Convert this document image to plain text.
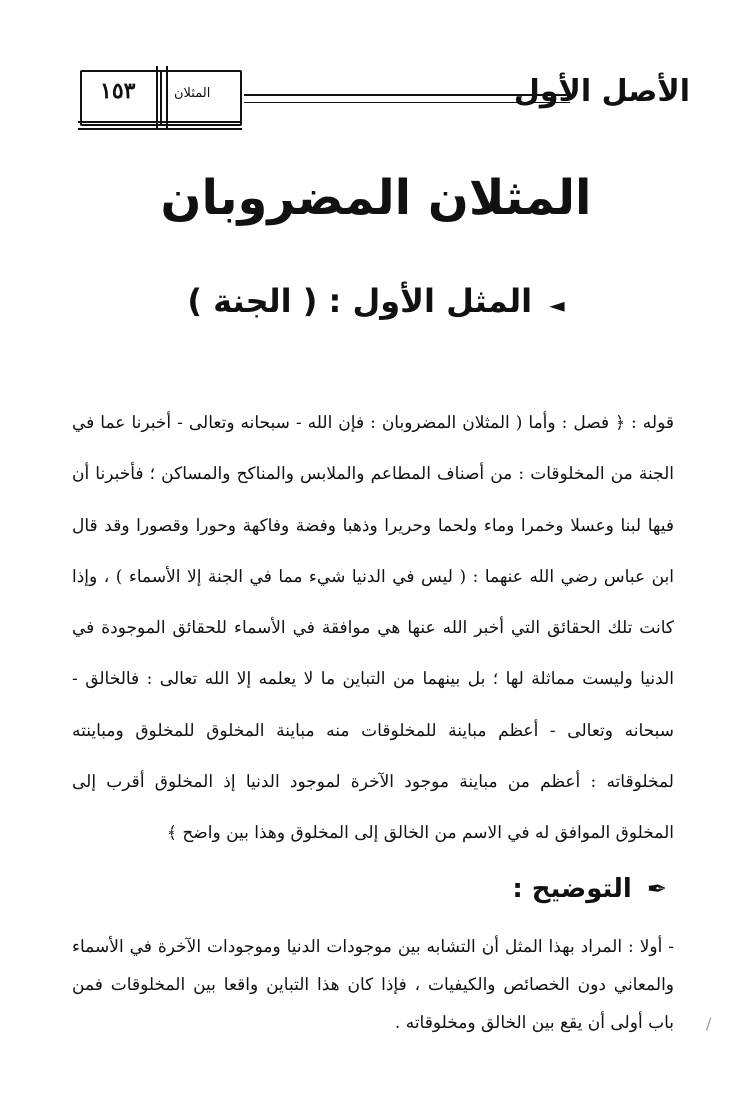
١٥٣	المثلان	الأصل الأول
المثلان المضروبان
◄ المثل الأول : ( الجنة )

قوله : ﴿ فصل : وأما ( المثلان المضروبان : فإن الله - سبحانه وتعالى - أخبرنا عما في الجنة من المخلوقات : من أصناف المطاعم والملابس والمناكح والمساكن ؛ فأخبرنا أن فيها لبنا وعسلا وخمرا وماء ولحما وحريرا وذهبا وفضة وفاكهة وحورا وقصورا وقد قال ابن عباس رضي الله عنهما : ( ليس في الدنيا شيء مما في الجنة إلا الأسماء ) ، وإذا كانت تلك الحقائق التي أخبر الله عنها هي موافقة في الأسماء للحقائق الموجودة في الدنيا وليست مماثلة لها ؛ بل بينهما من التباين ما لا يعلمه إلا الله تعالى : فالخالق - سبحانه وتعالى - أعظم مباينة للمخلوقات منه مباينة المخلوق للمخلوق ومباينته لمخلوقاته : أعظم من مباينة موجود الآخرة لموجود الدنيا إذ المخلوق أقرب إلى المخلوق الموافق له في الاسم من الخالق إلى المخلوق وهذا بين واضح ﴾

✒ التوضيح :

- أولا : المراد بهذا المثل أن التشابه بين موجودات الدنيا وموجودات الآخرة في الأسماء والمعاني دون الخصائص والكيفيات ، فإذا كان هذا التباين واقعا بين المخلوقات فمن باب أولى أن يقع بين الخالق ومخلوقاته . /
